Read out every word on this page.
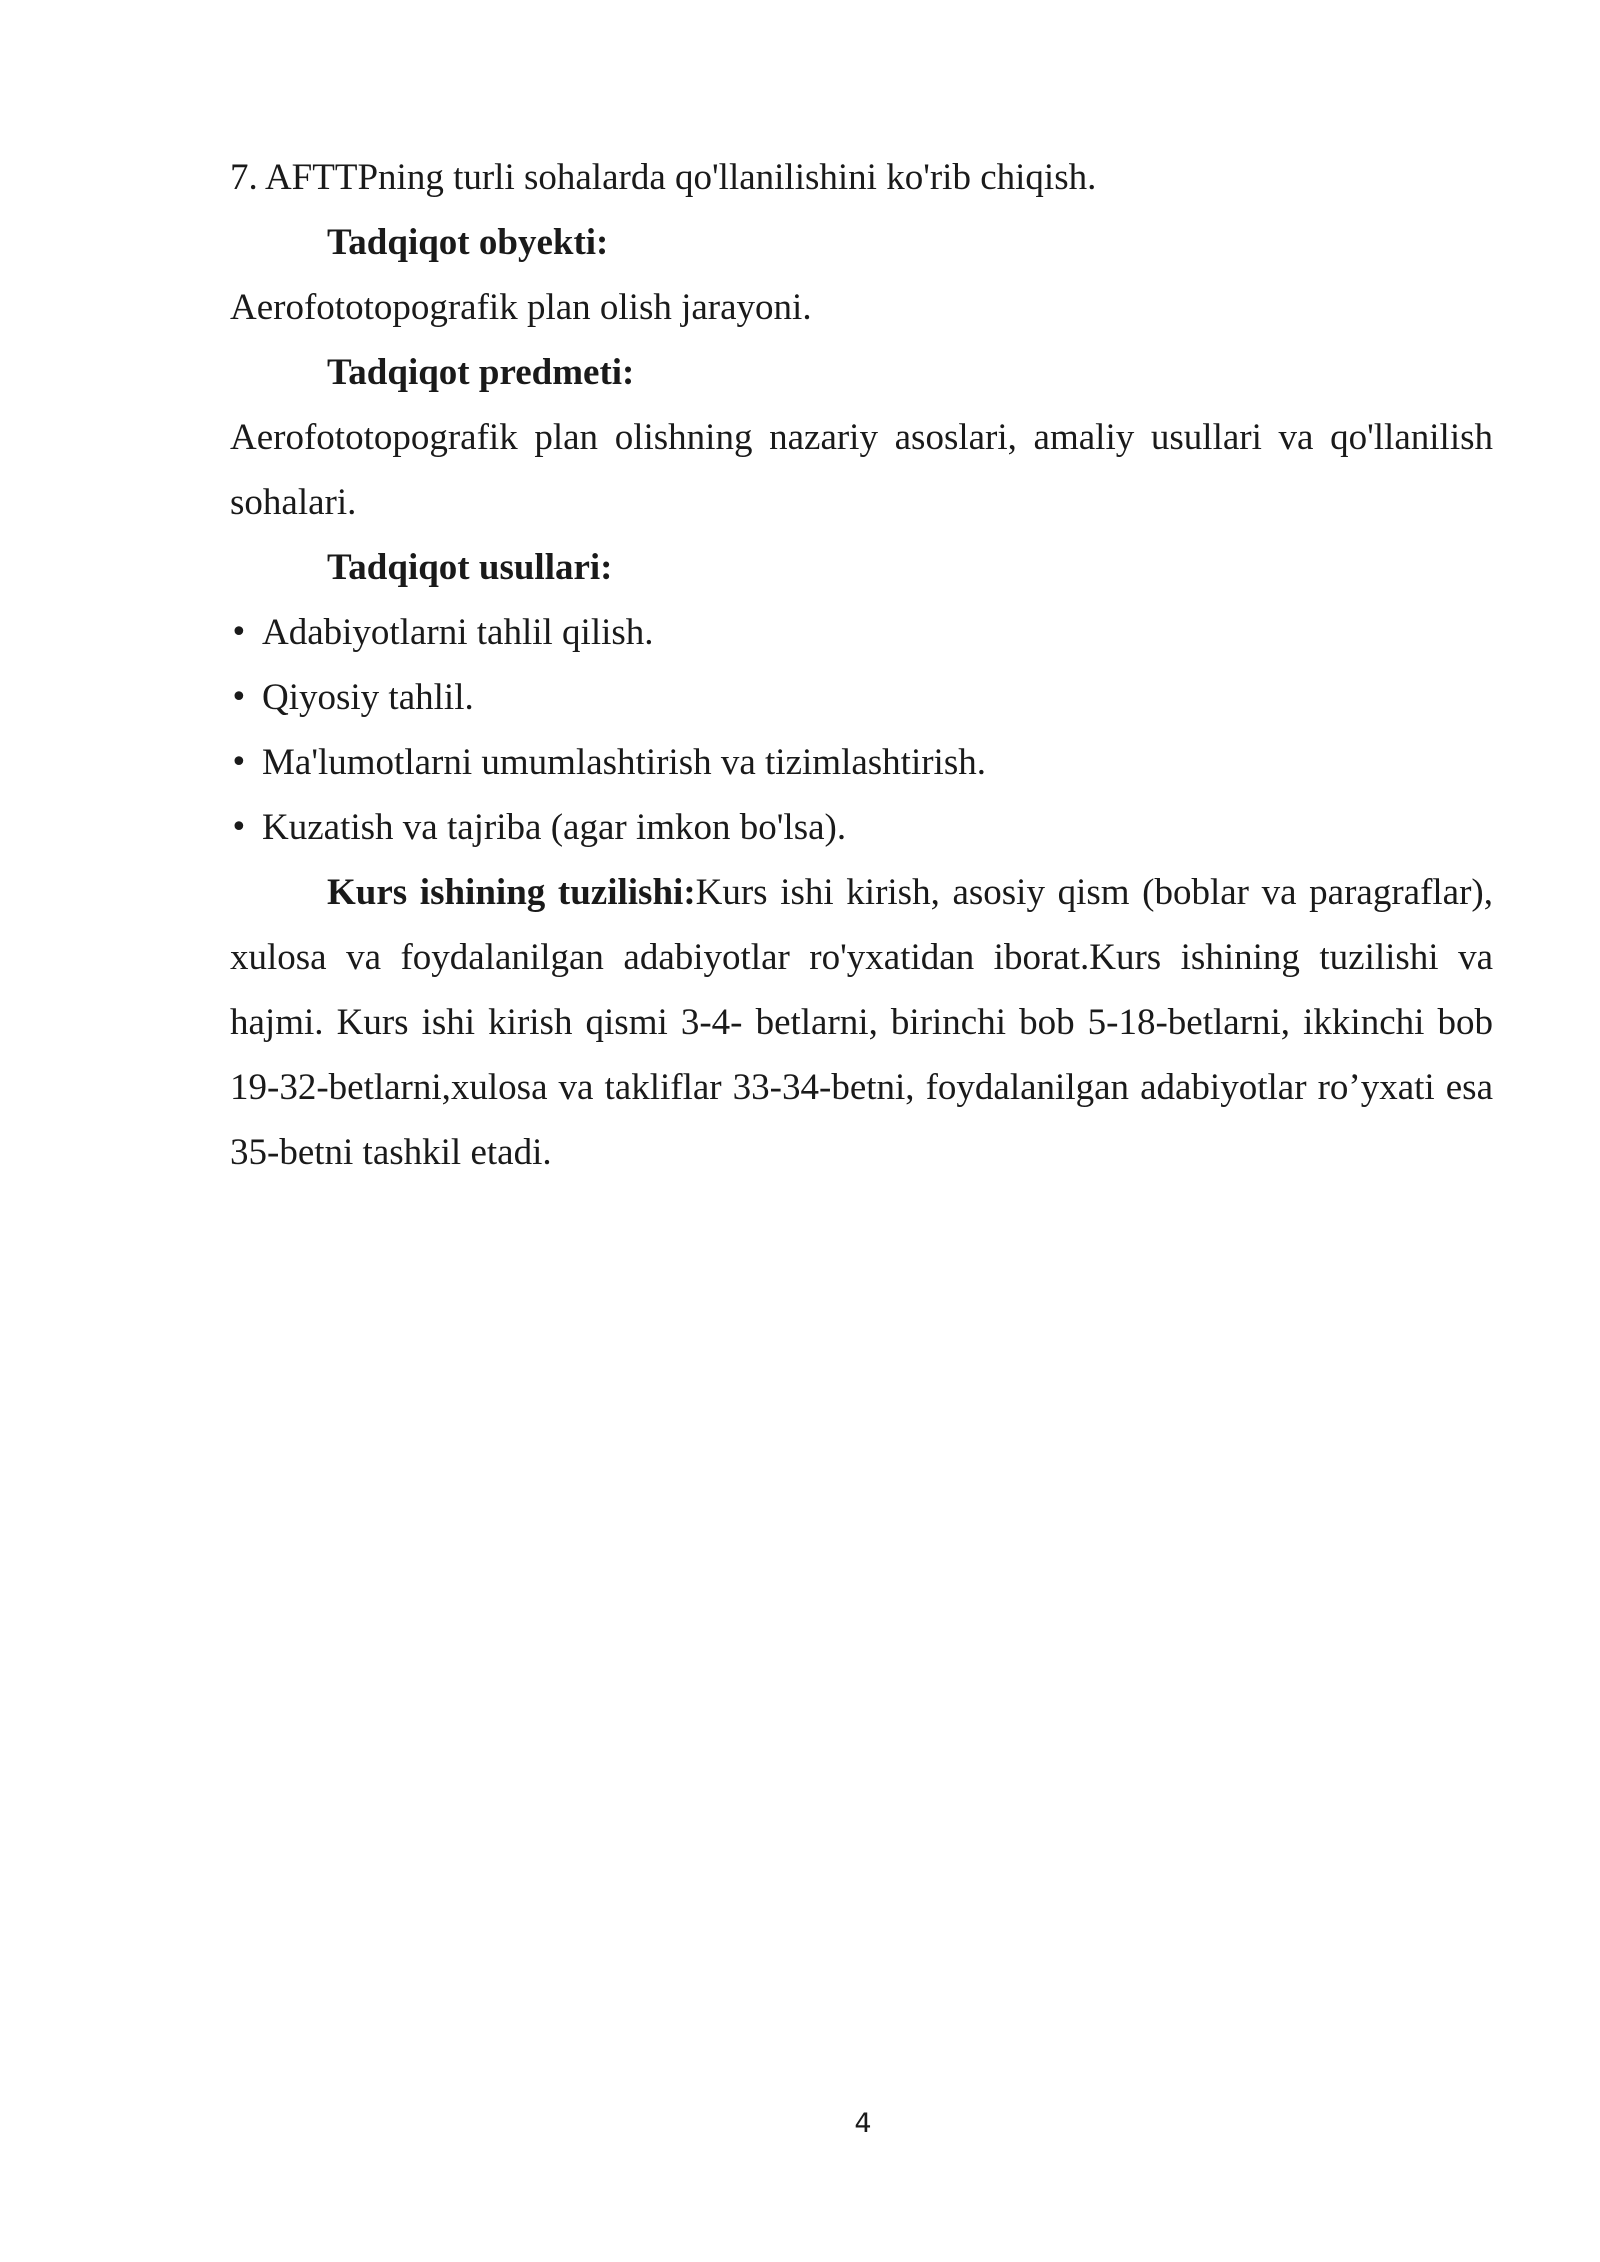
7. AFTTPning turli sohalarda qo'llanilishini ko'rib chiqish.

Tadqiqot obyekti:

Aerofototopografik plan olish jarayoni.

Tadqiqot predmeti:

Aerofototopografik plan olishning nazariy asoslari, amaliy usullari va qo'llanilish sohalari.

Tadqiqot usullari:

• Adabiyotlarni tahlil qilish.
• Qiyosiy tahlil.
• Ma'lumotlarni umumlashtirish va tizimlashtirish.
• Kuzatish va tajriba (agar imkon bo'lsa).

Kurs ishining tuzilishi:Kurs ishi kirish, asosiy qism (boblar va paragraflar), xulosa va foydalanilgan adabiyotlar ro'yxatidan iborat.Kurs ishining tuzilishi va hajmi. Kurs ishi kirish qismi 3-4- betlarni, birinchi bob 5-18-betlarni, ikkinchi bob 19-32-betlarni,xulosa va takliflar 33-34-betni, foydalanilgan adabiyotlar ro’yxati esa 35-betni tashkil etadi.

4
